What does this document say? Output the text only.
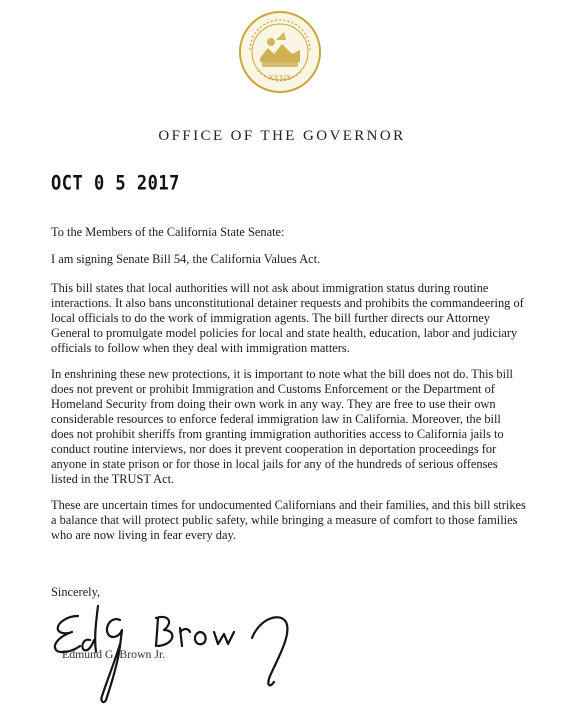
XXXIX
OFFICE OF THE GOVERNOR
OCT 0 5 2017

To the Members of the California State Senate:

I am signing Senate Bill 54, the California Values Act.

This bill states that local authorities will not ask about immigration status during routine interactions. It also bans unconstitutional detainer requests and prohibits the commandeering of local officials to do the work of immigration agents. The bill further directs our Attorney General to promulgate model policies for local and state health, education, labor and judiciary officials to follow when they deal with immigration matters.

In enshrining these new protections, it is important to note what the bill does not do. This bill does not prevent or prohibit Immigration and Customs Enforcement or the Department of Homeland Security from doing their own work in any way. They are free to use their own considerable resources to enforce federal immigration law in California. Moreover, the bill does not prohibit sheriffs from granting immigration authorities access to California jails to conduct routine interviews, nor does it prevent cooperation in deportation proceedings for anyone in state prison or for those in local jails for any of the hundreds of serious offenses listed in the TRUST Act.

These are uncertain times for undocumented Californians and their families, and this bill strikes a balance that will protect public safety, while bringing a measure of comfort to those families who are now living in fear every day.

Sincerely,
Edmund G. Brown Jr.
